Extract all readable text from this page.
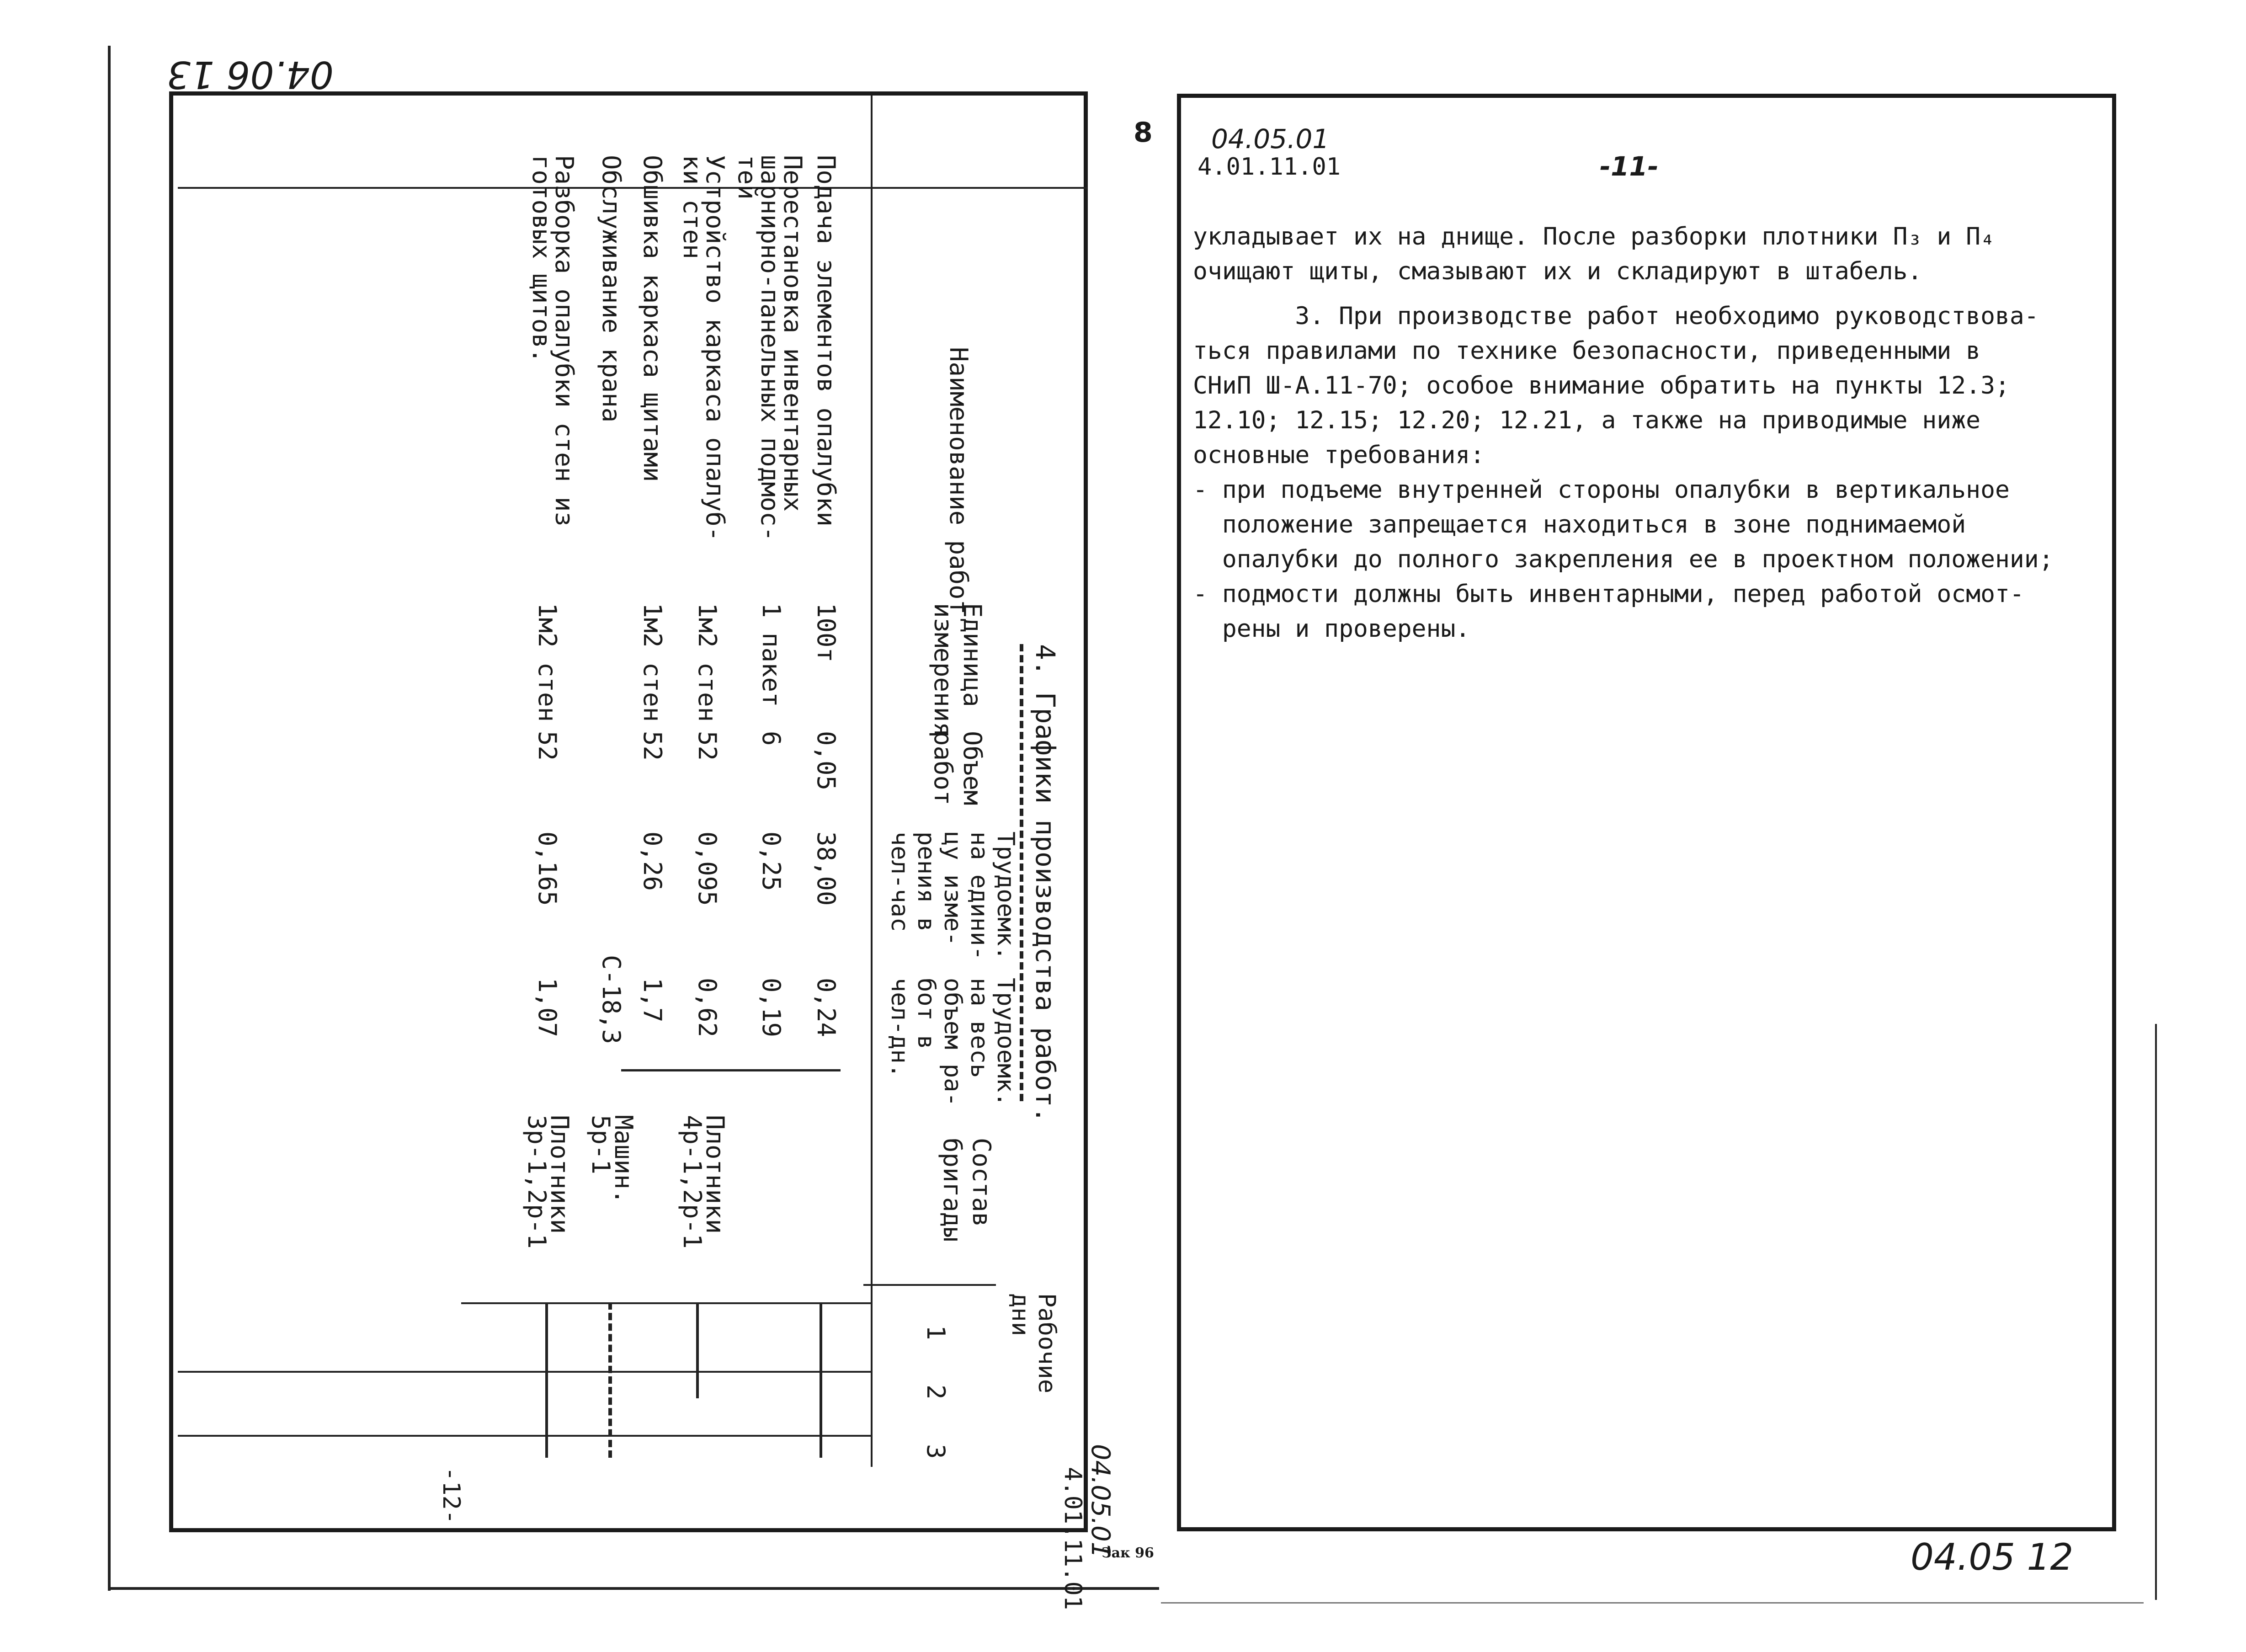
04.06 13
4. Графики производства работ.
4.01.11.01
04.05.01
-12-
Наименование работ
Единица
измерения
Объем
работ
Трудоемк.
на едини-
цу изме-
рения в
чел-час
Трудоемк.
на весь
объем ра-
бот в
чел-дн.
Состав
бригады
Рабочие
дни
1
2
3
Подача элементов опалубки
100т
0,05
38,00
0,24
Перестановка инвентарных
шарнирно-панельных подмос-
тей
1 пакет
6
0,25
0,19
Устройство каркаса опалуб-
ки стен
1м2 стен
52
0,095
0,62
Обшивка каркаса щитами
1м2 стен
52
0,26
1,7
Обслуживание крана
С-18,3
Разборка опалубки стен из
готовых щитов.
1м2 стен
52
0,165
1,07
Плотники
4р-1,2р-1
Машин.
5р-1
Плотники
3р-1,2р-1
8
Зак 96
04.05.01
4.01.11.01	-11-

укладывает их на днище. После разборки плотники П₃ и П₄

очищают щиты, смазывают их и складируют в штабель.

3. При производстве работ необходимо руководствова-

ться правилами по технике безопасности, приведенными в

СНиП Ш-А.11-70; особое внимание обратить на пункты 12.3;

12.10; 12.15; 12.20; 12.21, а также на приводимые ниже

основные требования:

- при подъеме внутренней стороны опалубки в вертикальное

положение запрещается находиться в зоне поднимаемой

опалубки до полного закрепления ее в проектном положении;

- подмости должны быть инвентарными, перед работой осмот-

рены и проверены.

04.05 12
